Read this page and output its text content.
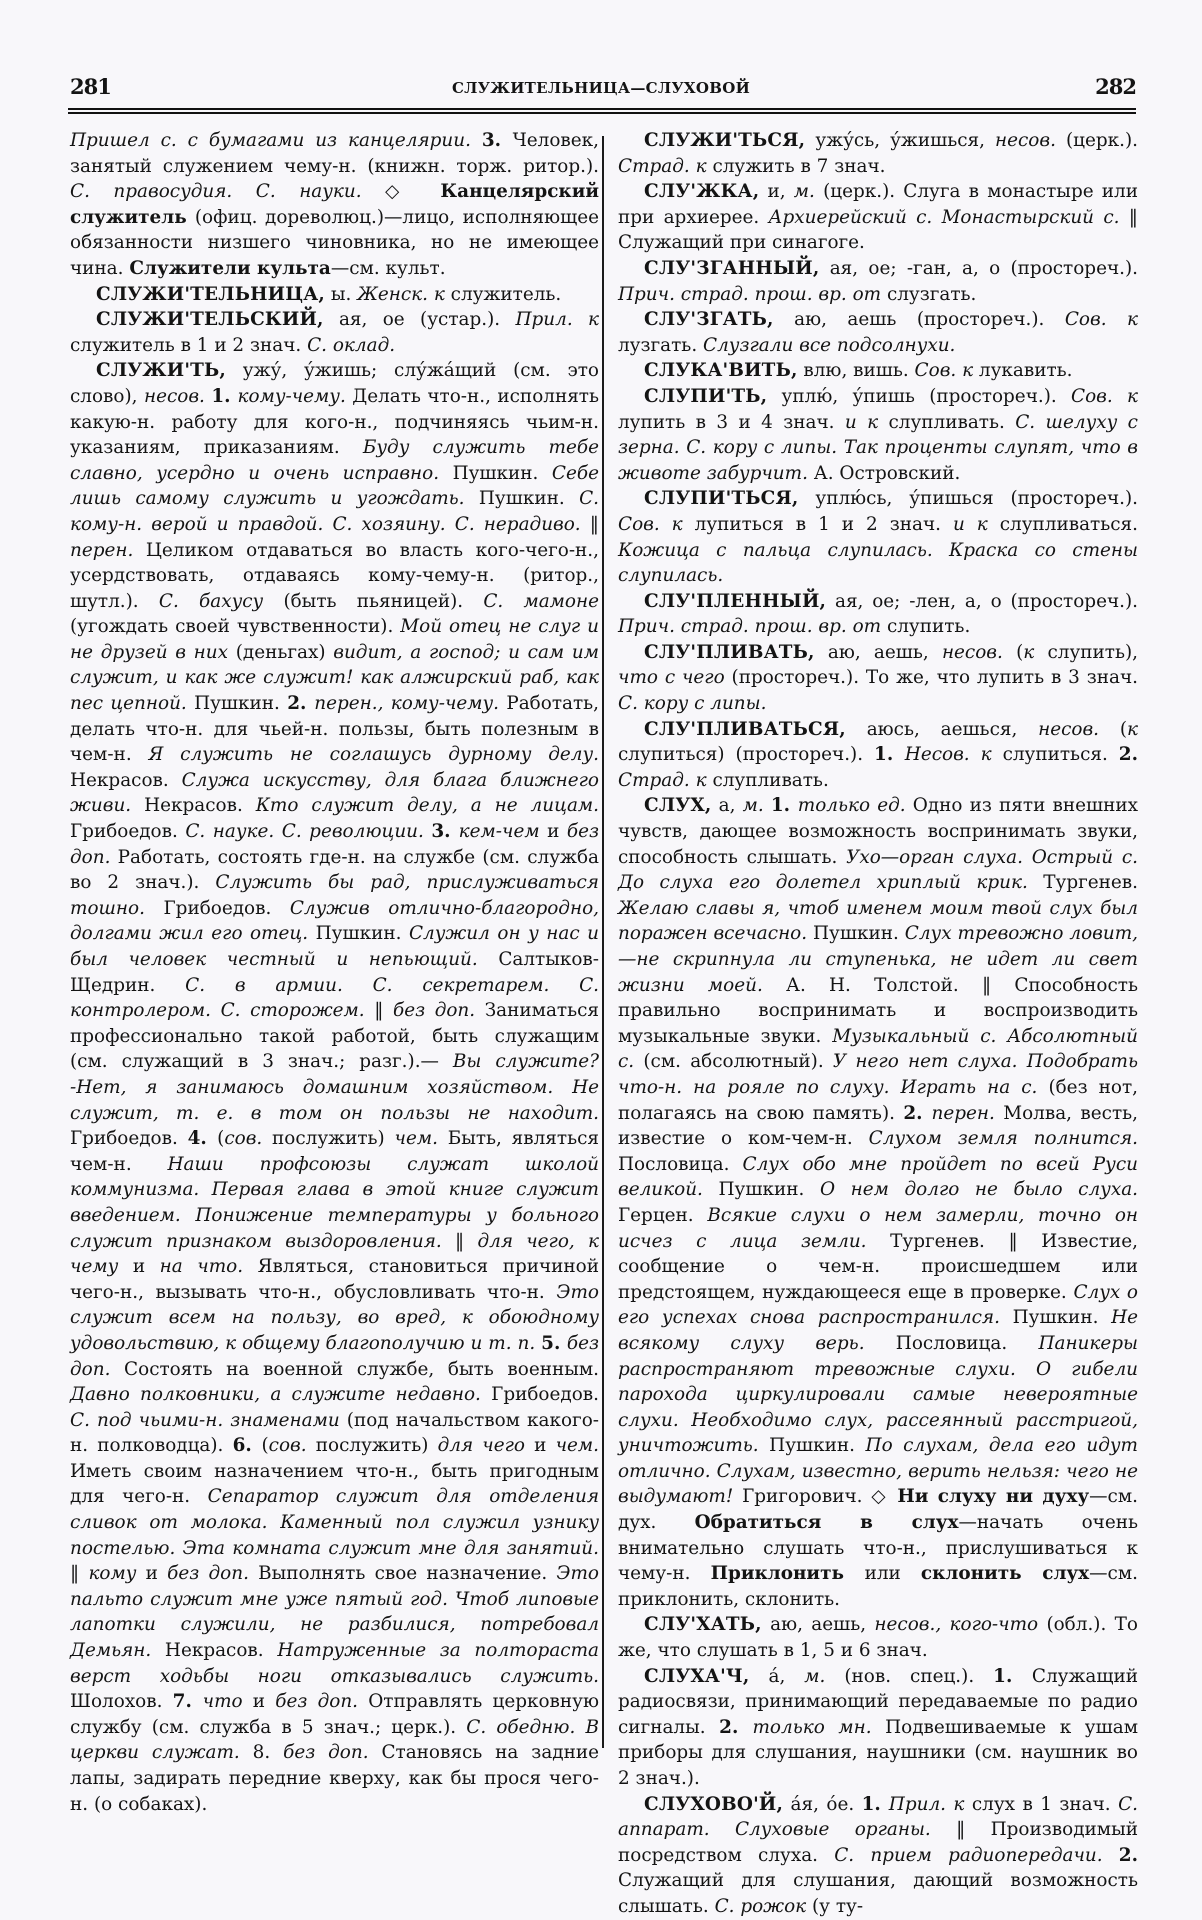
281	СЛУЖИТЕЛЬНИЦА—СЛУХОВОЙ	282

Пришел с. с бумагами из канцелярии. 3. Человек, занятый служением чему-н. (книжн. торж. ритор.). С. правосудия. С. науки. ◇ Канцелярский служитель (офиц. дореволюц.)—лицо, исполняющее обязанности низшего чиновника, но не имеющее чина. Служители культа—см. культ.

СЛУЖИ'ТЕЛЬНИЦА, ы. Женск. к служитель.

СЛУЖИ'ТЕЛЬСКИЙ, ая, ое (устар.). Прил. к служитель в 1 и 2 знач. С. оклад.

СЛУЖИ'ТЬ, ужу́, у́жишь; слу́жа́щий (см. это слово), несов. 1. кому-чему. Делать что-н., исполнять какую-н. работу для кого-н., подчиняясь чьим-н. указаниям, приказаниям. Буду служить тебе славно, усердно и очень исправно. Пушкин. Себе лишь самому служить и угождать. Пушкин. С. кому-н. верой и правдой. С. хозяину. С. нерадиво. ‖ перен. Целиком отдаваться во власть кого-чего-н., усердствовать, отдаваясь кому-чему-н. (ритор., шутл.). С. бахусу (быть пьяницей). С. мамоне (угождать своей чувственности). Мой отец не слуг и не друзей в них (деньгах) видит, а господ; и сам им служит, и как же служит! как алжирский раб, как пес цепной. Пушкин. 2. перен., кому-чему. Работать, делать что-н. для чьей-н. пользы, быть полезным в чем-н. Я служить не соглашусь дурному делу. Некрасов. Служа искусству, для блага ближнего живи. Некрасов. Кто служит делу, а не лицам. Грибоедов. С. науке. С. революции. 3. кем-чем и без доп. Работать, состоять где-н. на службе (см. служба во 2 знач.). Служить бы рад, прислуживаться тошно. Грибоедов. Служив отлично-благородно, долгами жил его отец. Пушкин. Служил он у нас и был человек честный и непьющий. Салтыков-Щедрин. С. в армии. С. секретарем. С. контролером. С. сторожем. ‖ без доп. Заниматься профессионально такой работой, быть служащим (см. служащий в 3 знач.; разг.).— Вы служите? -Нет, я занимаюсь домашним хозяйством. Не служит, т. е. в том он пользы не находит. Грибоедов. 4. (сов. послужить) чем. Быть, являться чем-н. Наши профсоюзы служат школой коммунизма. Первая глава в этой книге служит введением. Понижение температуры у больного служит признаком выздоровления. ‖ для чего, к чему и на что. Являться, становиться причиной чего-н., вызывать что-н., обусловливать что-н. Это служит всем на пользу, во вред, к обоюдному удовольствию, к общему благополучию и т. п. 5. без доп. Состоять на военной службе, быть военным. Давно полковники, а служите недавно. Грибоедов. С. под чьими-н. знаменами (под начальством какого-н. полководца). 6. (сов. послужить) для чего и чем. Иметь своим назначением что-н., быть пригодным для чего-н. Сепаратор служит для отделения сливок от молока. Каменный пол служил узнику постелью. Эта комната служит мне для занятий. ‖ кому и без доп. Выполнять свое назначение. Это пальто служит мне уже пятый год. Чтоб липовые лапотки служили, не разбилися, потребовал Демьян. Некрасов. Натруженные за полтораста верст ходьбы ноги отказывались служить. Шолохов. 7. что и без доп. Отправлять церковную службу (см. служба в 5 знач.; церк.). С. обедню. В церкви служат. 8. без доп. Становясь на задние лапы, задирать передние кверху, как бы прося чего-н. (о собаках).

СЛУЖИ'ТЬСЯ, ужу́сь, у́жишься, несов. (церк.). Страд. к служить в 7 знач.

СЛУ'ЖКА, и, м. (церк.). Слуга в монастыре или при архиерее. Архиерейский с. Монастырский с. ‖ Служащий при синагоге.

СЛУ'ЗГАННЫЙ, ая, ое; -ган, а, о (простореч.). Прич. страд. прош. вр. от слузгать.

СЛУ'ЗГАТЬ, аю, аешь (простореч.). Сов. к лузгать. Слузгали все подсолнухи.

СЛУКА'ВИТЬ, влю, вишь. Сов. к лукавить.

СЛУПИ'ТЬ, уплю́, у́пишь (простореч.). Сов. к лупить в 3 и 4 знач. и к слупливать. С. шелуху с зерна. С. кору с липы. Так проценты слупят, что в животе забурчит. А. Островский.

СЛУПИ'ТЬСЯ, уплю́сь, у́пишься (простореч.). Сов. к лупиться в 1 и 2 знач. и к слупливаться. Кожица с пальца слупилась. Краска со стены слупилась.

СЛУ'ПЛЕННЫЙ, ая, ое; -лен, а, о (простореч.). Прич. страд. прош. вр. от слупить.

СЛУ'ПЛИВАТЬ, аю, аешь, несов. (к слупить), что с чего (простореч.). То же, что лупить в 3 знач. С. кору с липы.

СЛУ'ПЛИВАТЬСЯ, аюсь, аешься, несов. (к слупиться) (простореч.). 1. Несов. к слупиться. 2. Страд. к слупливать.

СЛУХ, а, м. 1. только ед. Одно из пяти внешних чувств, дающее возможность воспринимать звуки, способность слышать. Ухо—орган слуха. Острый с. До слуха его долетел хриплый крик. Тургенев. Желаю славы я, чтоб именем моим твой слух был поражен всечасно. Пушкин. Слух тревожно ловит,—не скрипнула ли ступенька, не идет ли свет жизни моей. А. Н. Толстой. ‖ Способность правильно воспринимать и воспроизводить музыкальные звуки. Музыкальный с. Абсолютный с. (см. абсолютный). У него нет слуха. Подобрать что-н. на рояле по слуху. Играть на с. (без нот, полагаясь на свою память). 2. перен. Молва, весть, известие о ком-чем-н. Слухом земля полнится. Пословица. Слух обо мне пройдет по всей Руси великой. Пушкин. О нем долго не было слуха. Герцен. Всякие слухи о нем замерли, точно он исчез с лица земли. Тургенев. ‖ Известие, сообщение о чем-н. происшедшем или предстоящем, нуждающееся еще в проверке. Слух о его успехах снова распространился. Пушкин. Не всякому слуху верь. Пословица. Паникеры распространяют тревожные слухи. О гибели парохода циркулировали самые невероятные слухи. Необходимо слух, рассеянный расстригой, уничтожить. Пушкин. По слухам, дела его идут отлично. Слухам, известно, верить нельзя: чего не выдумают! Григорович. ◇ Ни слуху ни духу—см. дух. Обратиться в слух—начать очень внимательно слушать что-н., прислушиваться к чему-н. Приклонить или склонить слух—см. приклонить, склонить.

СЛУ'ХАТЬ, аю, аешь, несов., кого-что (обл.). То же, что слушать в 1, 5 и 6 знач.

СЛУХА'Ч, а́, м. (нов. спец.). 1. Служащий радиосвязи, принимающий передаваемые по радио сигналы. 2. только мн. Подвешиваемые к ушам приборы для слушания, наушники (см. наушник во 2 знач.).

СЛУХОВО'Й, а́я, о́е. 1. Прил. к слух в 1 знач. С. аппарат. Слуховые органы. ‖ Производимый посредством слуха. С. прием радиопередачи. 2. Служащий для слушания, дающий возможность слышать. С. рожок (у ту-
